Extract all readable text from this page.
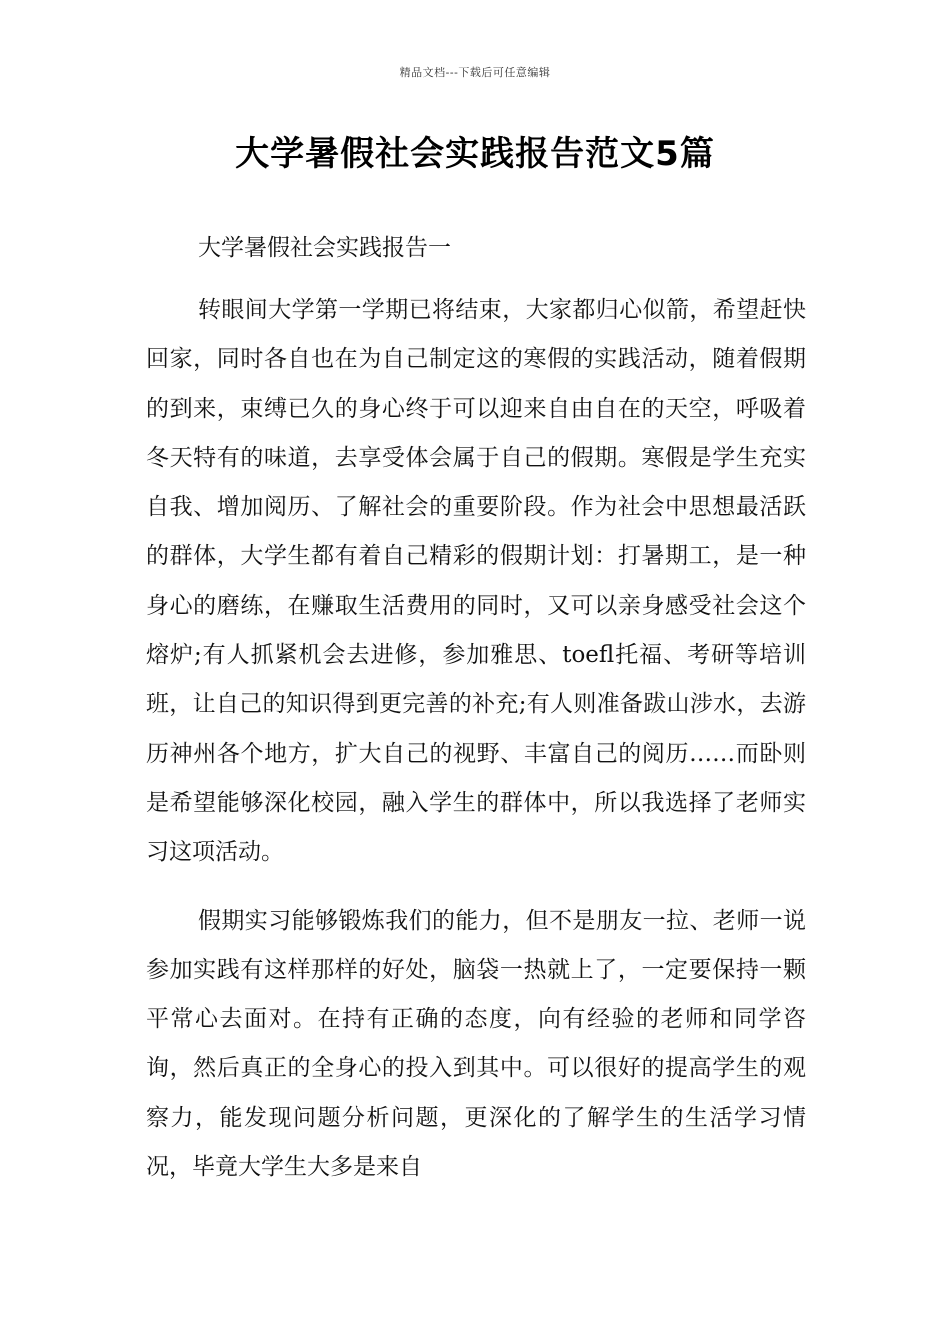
精品文档---下载后可任意编辑
大学暑假社会实践报告范文5篇

大学暑假社会实践报告一

转眼间大学第一学期已将结束，大家都归心似箭，希望赶快回家，同时各自也在为自己制定这的寒假的实践活动，随着假期的到来，束缚已久的身心终于可以迎来自由自在的天空，呼吸着冬天特有的味道，去享受体会属于自己的假期。寒假是学生充实自我、增加阅历、了解社会的重要阶段。作为社会中思想最活跃的群体，大学生都有着自己精彩的假期计划：打暑期工，是一种身心的磨练，在赚取生活费用的同时，又可以亲身感受社会这个熔炉;有人抓紧机会去进修，参加雅思、toefl托福、考研等培训班，让自己的知识得到更完善的补充;有人则准备跋山涉水，去游历神州各个地方，扩大自己的视野、丰富自己的阅历……而卧则是希望能够深化校园，融入学生的群体中，所以我选择了老师实习这项活动。

假期实习能够锻炼我们的能力，但不是朋友一拉、老师一说参加实践有这样那样的好处，脑袋一热就上了，一定要保持一颗平常心去面对。在持有正确的态度，向有经验的老师和同学咨询，然后真正的全身心的投入到其中。可以很好的提高学生的观察力，能发现问题分析问题，更深化的了解学生的生活学习情况，毕竟大学生大多是来自
